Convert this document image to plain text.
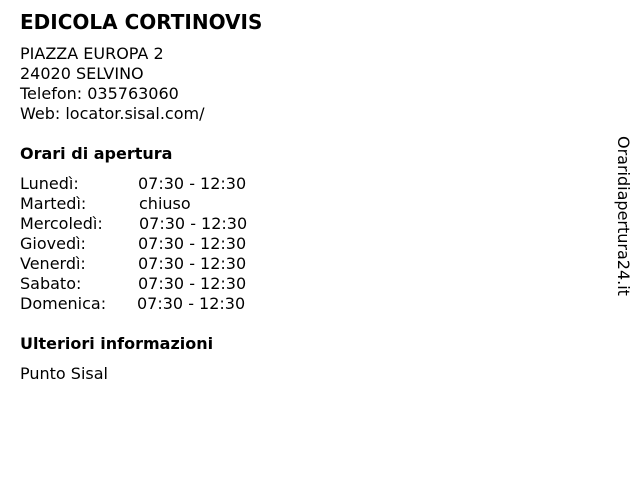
EDICOLA CORTINOVIS
PIAZZA EUROPA 2
24020 SELVINO
Telefon: 035763060
Web: locator.sisal.com/
Orari di apertura
Lunedì:	07:30 - 12:30
Martedì:	chiuso
Mercoledì: 07:30 - 12:30
Giovedì:	07:30 - 12:30
Venerdì:	07:30 - 12:30
Sabato:	07:30 - 12:30
Domenica: 07:30 - 12:30
Ulteriori informazioni
Punto Sisal
Oraridiapertura24.it
